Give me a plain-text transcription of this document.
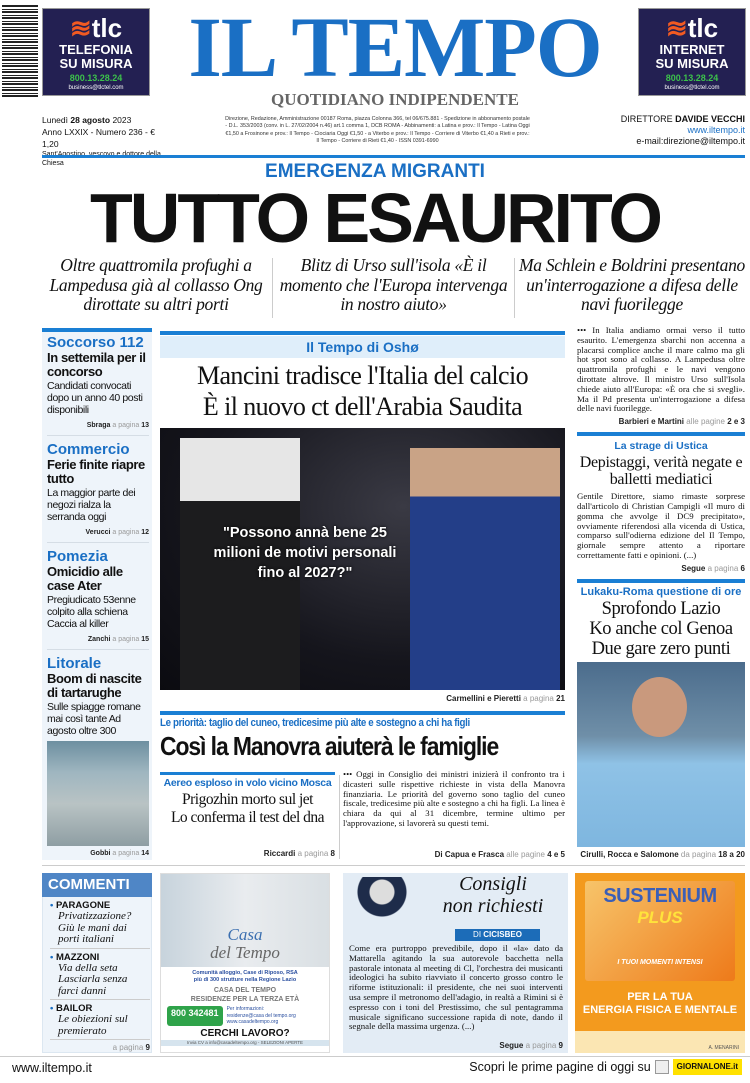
≋tlc
TELEFONIA
SU MISURA
800.13.28.24
business@tlctel.com
≋tlc
INTERNET
SU MISURA
800.13.28.24
business@tlctel.com
IL TEMPO
QUOTIDIANO INDIPENDENTE
Lunedì 28 agosto 2023
Anno LXXIX - Numero 236 - € 1,20
Chiesa
Direzione, Redazione, Amministrazione 00187 Roma, piazza Colonna 366, tel 06/675.881 - Spedizione in abbonamento postale - D.L. 353/2003 (conv. in L. 27/02/2004 n.46) art.1 comma 1, DCB ROMA - Abbinamenti: a Latina e prov.: Il Tempo - Latina Oggi €1,50 a Frosinone e prov.: Il Tempo - Ciociaria Oggi €1,50 - a Viterbo e prov.: Il Tempo - Corriere di Viterbo €1,40 a Rieti e prov.: Il Tempo - Corriere di Rieti €1,40 - ISSN 0391-6990
DIRETTORE DAVIDE VECCHI
www.iltempo.it
e-mail:direzione@iltempo.it
EMERGENZA MIGRANTI
TUTTO ESAURITO
Oltre quattromila profughi a Lampedusa già al collasso Ong dirottate su altri porti
Blitz di Urso sull'isola «È il momento che l'Europa intervenga in nostro aiuto»
Ma Schlein e Boldrini presentano un'interrogazione a difesa delle navi fuorilegge
Soccorso 112
In settemila per il concorso
Candidati convocati dopo un anno 40 posti disponibili
Sbraga a pagina 13
Commercio
Ferie finite riapre tutto
La maggior parte dei negozi rialza la serranda oggi
Verucci a pagina 12
Pomezia
Omicidio alle case Ater
Pregiudicato 53enne colpito alla schiena Caccia al killer
Zanchi a pagina 15
Litorale
Boom di nascite di tartarughe
Sulle spiagge romane mai così tante Ad agosto oltre 300
Gobbi a pagina 14
Il Tempo di Oshø
Mancini tradisce l'Italia del calcio
È il nuovo ct dell'Arabia Saudita
"Possono annà bene 25 milioni de motivi personali fino al 2027?"
Carmellini e Pieretti a pagina 21
Le priorità: taglio del cuneo, tredicesime più alte e sostegno a chi ha figli
Così la Manovra aiuterà le famiglie
Aereo esploso in volo vicino Mosca
Prigozhin morto sul jet
Lo conferma il test del dna
Riccardi a pagina 8
••• Oggi in Consiglio dei ministri inizierà il confronto tra i dicasteri sulle rispettive richieste in vista della Manovra finanziaria. Le priorità del governo sono taglio del cuneo fiscale, tredicesime più alte e sostegno a chi ha figli. La linea è chiara da qui al 31 dicembre, termine ultimo per l'approvazione, si lavorerà su questi temi.
Di Capua e Frasca alle pagine 4 e 5
••• In Italia andiamo ormai verso il tutto esaurito. L'emergenza sbarchi non accenna a placarsi complice anche il mare calmo ma gli hot spot sono al collasso. A Lampedusa oltre quattromila profughi e le navi vengono dirottate altrove. Il ministro Urso sull'Isola chiede aiuto all'Europa: «È ora che si svegli». Ma il Pd presenta un'interrogazione a difesa delle navi fuorilegge.
Barbieri e Martini alle pagine 2 e 3
La strage di Ustica
Depistaggi, verità negate e balletti mediatici
Gentile Direttore, siamo rimaste sorprese dall'articolo di Christian Campigli «Il muro di gomma che avvolge il DC9 precipitato», ovviamente riferendosi alla vicenda di Ustica, comparso sull'odierna edizione del Il Tempo, giornale sempre attento a riportare correttamente fatti e opinioni. (...)
Segue a pagina 6
Lukaku-Roma questione di ore
Sprofondo Lazio
Ko anche col Genoa
Due gare zero punti
Cirulli, Rocca e Salomone da pagina 18 a 20
COMMENTI
• PARAGONE
Privatizzazione? Giù le mani dai porti italiani
• MAZZONI
Via della seta Lasciarla senza farci danni
• BAILOR
Le obiezioni sul premierato
a pagina 9
Casa
del Tempo
Comunità alloggio, Case di Riposo, RSA
più di 300 strutture nella Regione Lazio
CASA DEL TEMPO
RESIDENZE PER LA TERZA ETÀ
800 342481	Per informazioni:
residenze@casa del tempo.org
www.casadeltempo.org
CERCHI LAVORO?
Invia CV a info@casadeltempo.org - SELEZIONI APERTE
Consigli
non richiesti
DI CICISBEO
Come era purtroppo prevedibile, dopo il «la» dato da Mattarella agitando la sua autorevole bacchetta nella pastorale intonata al meeting di Cl, l'orchestra dei musicanti ideologici ha subito riavviato il concerto grosso contro le riforme istituzionali: il presidente, che nei suoi interventi usa sempre il metronomo dell'adagio, in realtà a Rimini si è espresso con i toni del Prestissimo, che sul pentagramma musicale significano successione rapida di note, dando il segnale della massima urgenza. (...)
Segue a pagina 9
SUSTENIUM
PLUS
I TUOI MOMENTI INTENSI
PER LA TUA
ENERGIA FISICA E MENTALE
A. MENARINI
www.iltempo.it	Scopri le prime pagine di oggi su	GIORNALONE.it
